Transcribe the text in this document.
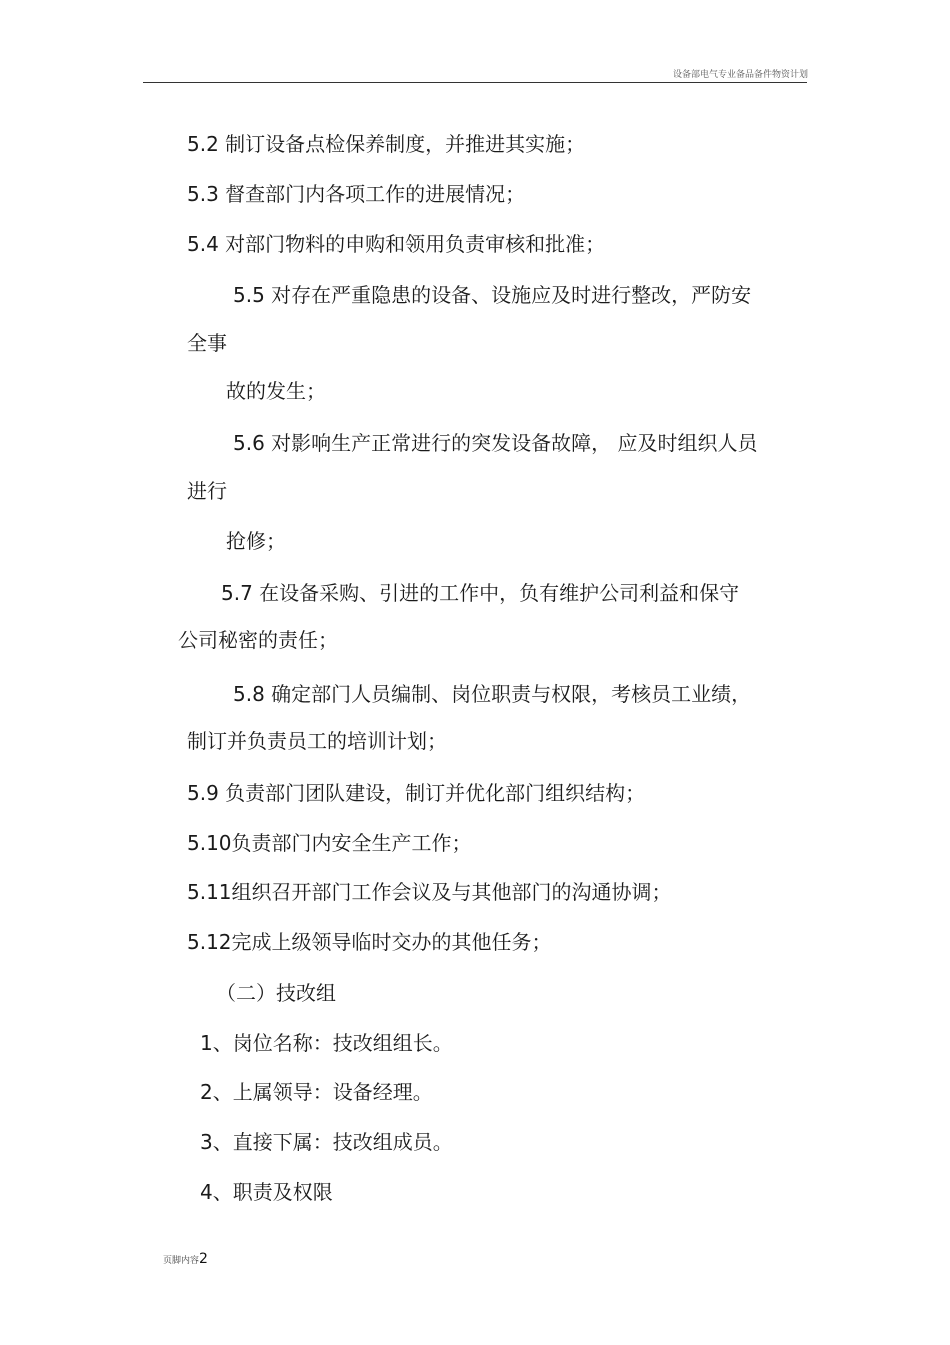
设备部电气专业备品备件物资计划
5.2 制订设备点检保养制度，并推进其实施；
5.3 督查部门内各项工作的进展情况；
5.4 对部门物料的申购和领用负责审核和批准；
5.5 对存在严重隐患的设备、设施应及时进行整改，严防安
全事
故的发生；
5.6 对影响生产正常进行的突发设备故障， 应及时组织人员
进行
抢修；
5.7 在设备采购、引进的工作中，负有维护公司利益和保守
公司秘密的责任；
5.8 确定部门人员编制、岗位职责与权限，考核员工业绩，
制订并负责员工的培训计划；
5.9 负责部门团队建设，制订并优化部门组织结构；
5.10负责部门内安全生产工作；
5.11组织召开部门工作会议及与其他部门的沟通协调；
5.12完成上级领导临时交办的其他任务；
（二）技改组
1、岗位名称：技改组组长。
2、上属领导：设备经理。
3、直接下属：技改组成员。
4、职责及权限
页脚内容2
